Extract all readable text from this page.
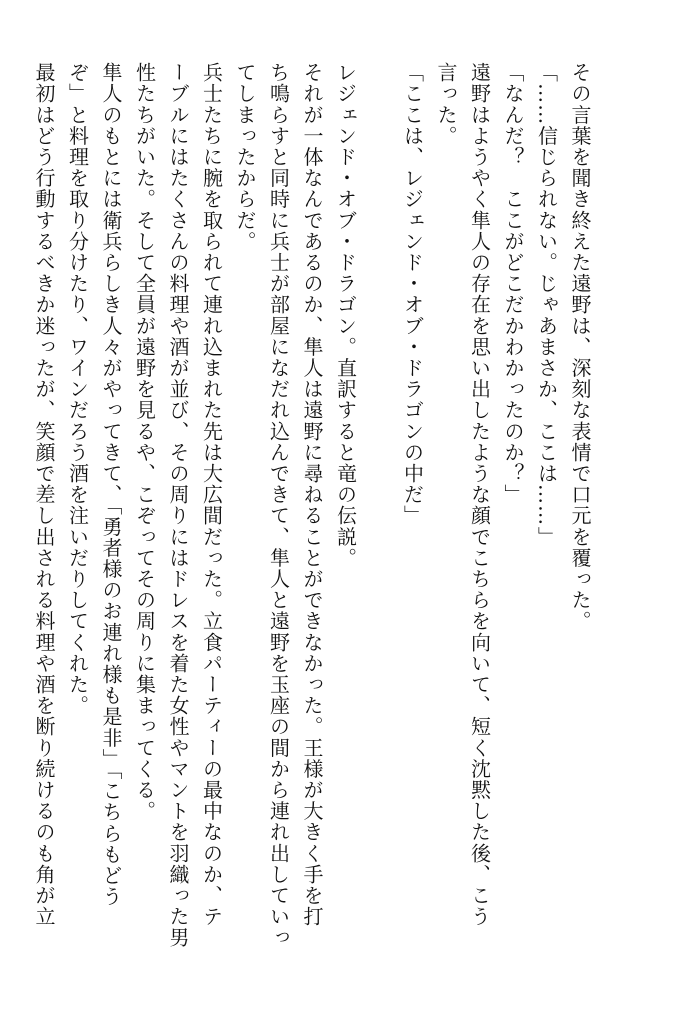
その言葉を聞き終えた遠野は、深刻な表情で口元を覆った。
「……信じられない。じゃあまさか、ここは……」
「なんだ？　ここがどこだかわかったのか？」
遠野はようやく隼人の存在を思い出したような顔でこちらを向いて、短く沈黙した後、こう
言った。
「ここは、レジェンド・オブ・ドラゴンの中だ」
レジェンド・オブ・ドラゴン。直訳すると竜の伝説。
それが一体なんであるのか、隼人は遠野に尋ねることができなかった。王様が大きく手を打
ち鳴らすと同時に兵士が部屋になだれ込んできて、隼人と遠野を玉座の間から連れ出していっ
てしまったからだ。
兵士たちに腕を取られて連れ込まれた先は大広間だった。立食パーティーの最中なのか、テ
ーブルにはたくさんの料理や酒が並び、その周りにはドレスを着た女性やマントを羽織った男
性たちがいた。そして全員が遠野を見るや、こぞってその周りに集まってくる。
隼人のもとには衛兵らしき人々がやってきて、「勇者様のお連れ様も是非」「こちらもどう
ぞ」と料理を取り分けたり、ワインだろう酒を注いだりしてくれた。
最初はどう行動するべきか迷ったが、笑顔で差し出される料理や酒を断り続けるのも角が立
